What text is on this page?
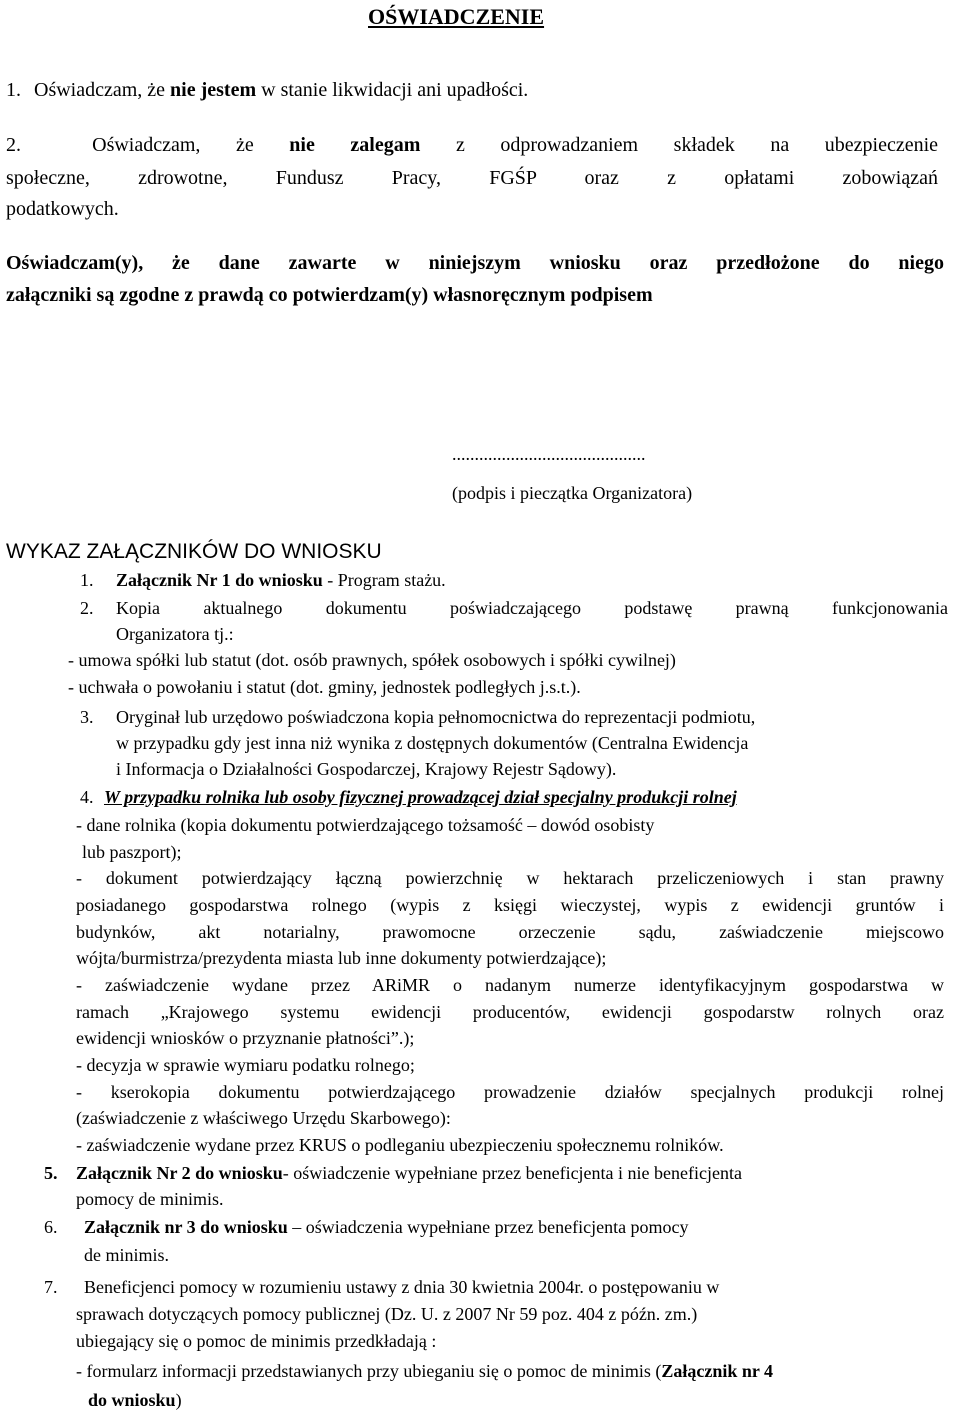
OŚWIADCZENIE
1. Oświadczam, że nie jestem w stanie likwidacji ani upadłości.
2.	Oświadczam, że nie zalegam z odprowadzaniem składek na ubezpieczenie
społeczne, zdrowotne, Fundusz Pracy, FGŚP oraz z opłatami zobowiązań
podatkowych.
Oświadczam(y), że dane zawarte w niniejszym wniosku oraz przedłożone do niego
załączniki są zgodne z prawdą co potwierdzam(y) własnoręcznym podpisem
...........................................
(podpis i pieczątka Organizatora)
WYKAZ ZAŁĄCZNIKÓW DO WNIOSKU
1. Załącznik Nr 1 do wniosku - Program stażu.
2. Kopia aktualnego dokumentu poświadczającego podstawę prawną funkcjonowania
Organizatora tj.:
- umowa spółki lub statut (dot. osób prawnych, spółek osobowych i spółki cywilnej)
- uchwała o powołaniu i statut (dot. gminy, jednostek podległych j.s.t.).
3. Oryginał lub urzędowo poświadczona kopia pełnomocnictwa do reprezentacji podmiotu,
w przypadku gdy jest inna niż wynika z dostępnych dokumentów (Centralna Ewidencja
i Informacja o Działalności Gospodarczej, Krajowy Rejestr Sądowy).
4. W przypadku rolnika lub osoby fizycznej prowadzącej dział specjalny produkcji rolnej
- dane rolnika (kopia dokumentu potwierdzającego tożsamość – dowód osobisty
lub paszport);
- dokument potwierdzający łączną powierzchnię w hektarach przeliczeniowych i stan prawny
posiadanego gospodarstwa rolnego (wypis z księgi wieczystej, wypis z ewidencji gruntów i
budynków, akt notarialny, prawomocne orzeczenie sądu, zaświadczenie miejscowo
wójta/burmistrza/prezydenta miasta lub inne dokumenty potwierdzające);
- zaświadczenie wydane przez ARiMR o nadanym numerze identyfikacyjnym gospodarstwa w
ramach „Krajowego systemu ewidencji producentów, ewidencji gospodarstw rolnych oraz
ewidencji wniosków o przyznanie płatności”.);
- decyzja w sprawie wymiaru podatku rolnego;
- kserokopia dokumentu potwierdzającego prowadzenie działów specjalnych produkcji rolnej
(zaświadczenie z właściwego Urzędu Skarbowego):
- zaświadczenie wydane przez KRUS o podleganiu ubezpieczeniu społecznemu rolników.
5. Załącznik Nr 2 do wniosku- oświadczenie wypełniane przez beneficjenta i nie beneficjenta
pomocy de minimis.
6. Załącznik nr 3 do wniosku – oświadczenia wypełniane przez beneficjenta pomocy
de minimis.
7. Beneficjenci pomocy w rozumieniu ustawy z dnia 30 kwietnia 2004r. o postępowaniu w
sprawach dotyczących pomocy publicznej (Dz. U. z 2007 Nr 59 poz. 404 z późn. zm.)
ubiegający się o pomoc de minimis przedkładają :
- formularz informacji przedstawianych przy ubieganiu się o pomoc de minimis (Załącznik nr 4
do wniosku)
